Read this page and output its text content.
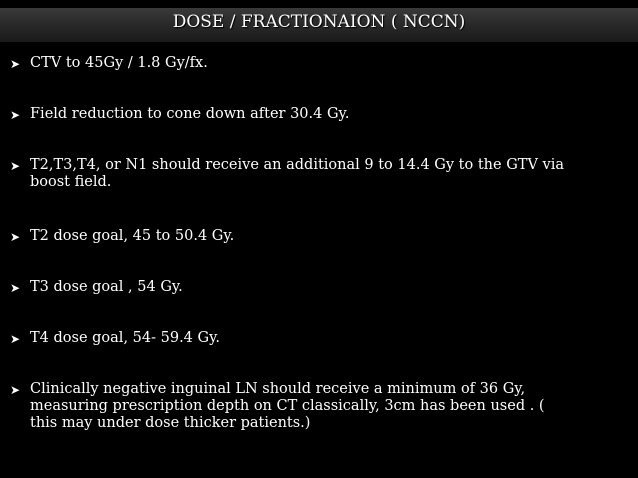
DOSE / FRACTIONAION ( NCCN)
➤ CTV to 45Gy / 1.8 Gy/fx.
➤ Field reduction to cone down after 30.4 Gy.
➤ T2,T3,T4, or N1 should receive an additional 9 to 14.4 Gy to the GTV via
boost field.
➤ T2 dose goal, 45 to 50.4 Gy.
➤ T3 dose goal , 54 Gy.
➤ T4 dose goal, 54- 59.4 Gy.
➤ Clinically negative inguinal LN should receive a minimum of 36 Gy,
measuring prescription depth on CT classically, 3cm has been used . (
this may under dose thicker patients.)
